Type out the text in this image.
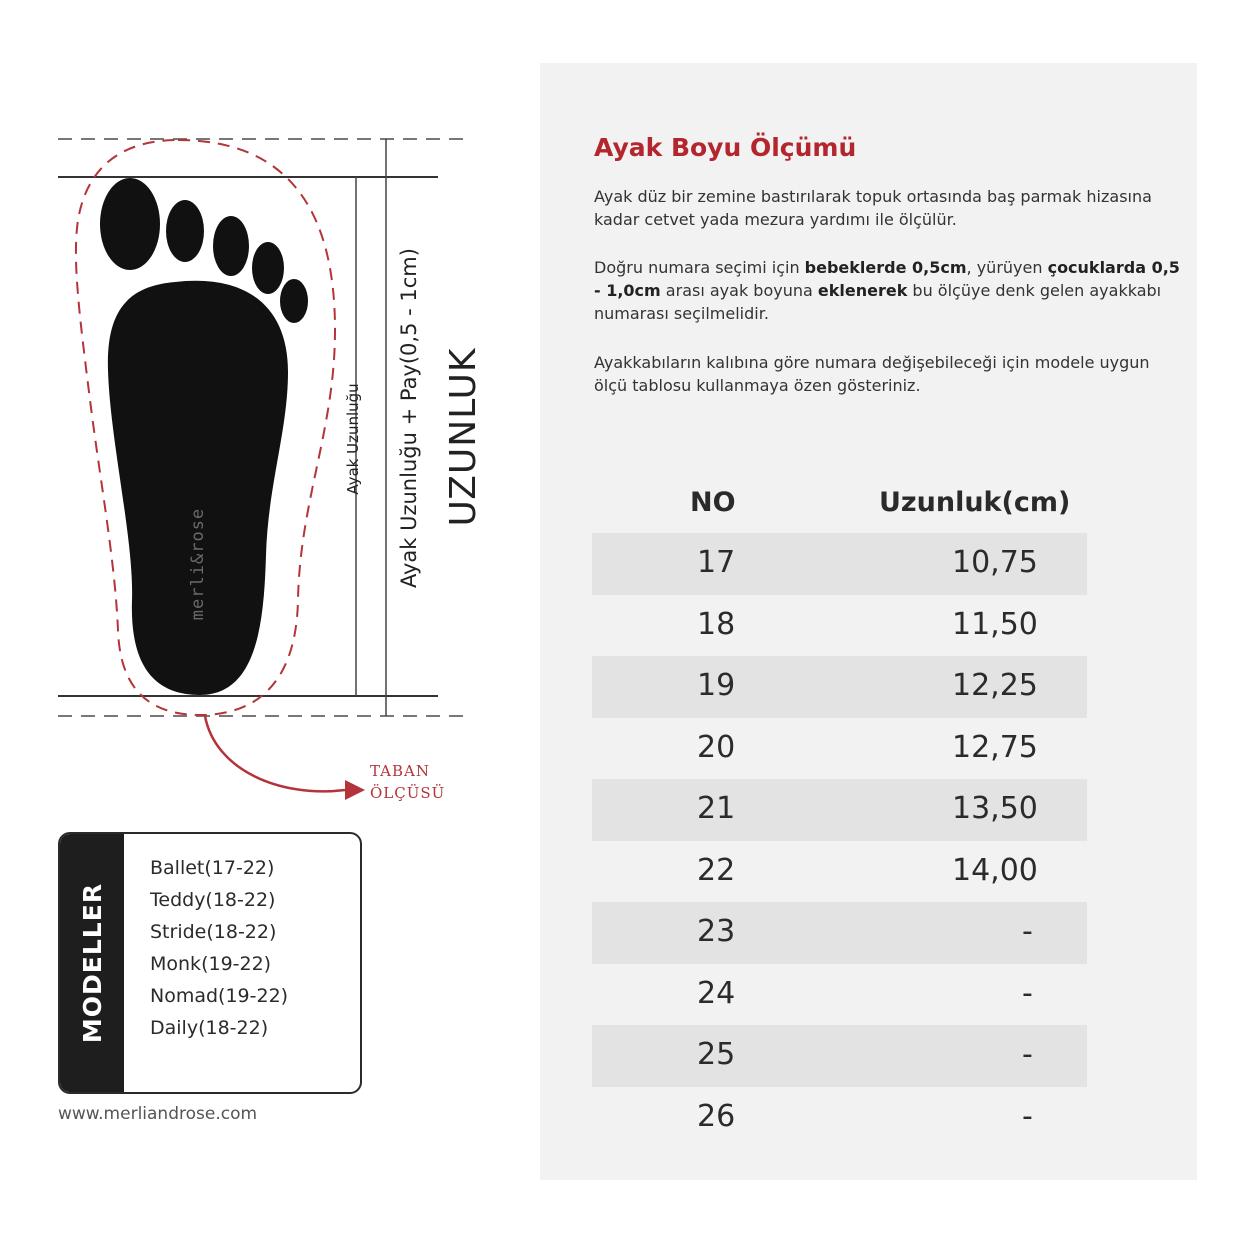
merli&rose
Ayak Uzunluğu Ayak Uzunluğu + Pay(0,5 - 1cm) UZUNLUK
TABAN
ÖLÇÜSÜ
MODELLER
Ballet(17-22)
Teddy(18-22)
Stride(18-22)
Monk(19-22)
Nomad(19-22)
Daily(18-22)
www.merliandrose.com
Ayak Boyu Ölçümü

Ayak düz bir zemine bastırılarak topuk ortasında baş parmak hizasına kadar cetvet yada mezura yardımı ile ölçülür.

Doğru numara seçimi için bebeklerde 0,5cm, yürüyen çocuklarda 0,5 - 1,0cm arası ayak boyuna eklenerek bu ölçüye denk gelen ayakkabı numarası seçilmelidir.

Ayakkabıların kalıbına göre numara değişebileceği için modele uygun ölçü tablosu kullanmaya özen gösteriniz.

NO	Uzunluk(cm)
17	10,75
18	11,50
19	12,25
20	12,75
21	13,50
22	14,00
23	-
24	-
25	-
26	-
